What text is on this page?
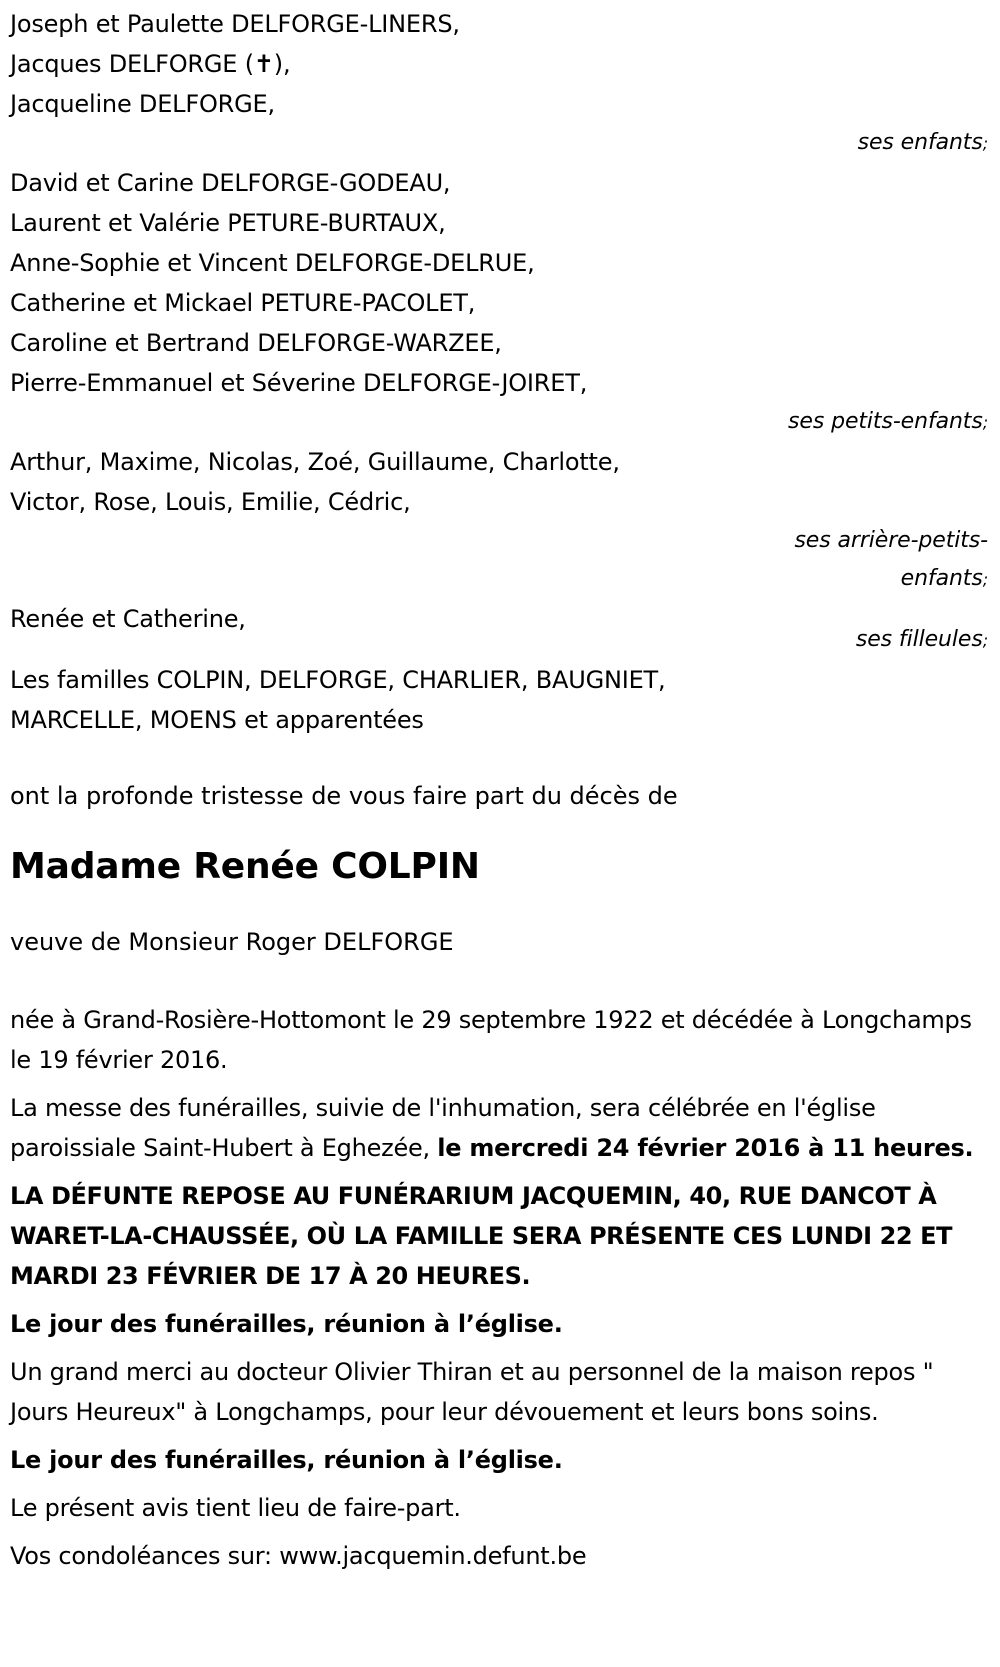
Joseph et Paulette DELFORGE-LINERS,
Jacques DELFORGE (✝),
Jacqueline DELFORGE,
ses enfants;
David et Carine DELFORGE-GODEAU,
Laurent et Valérie PETURE-BURTAUX,
Anne-Sophie et Vincent DELFORGE-DELRUE,
Catherine et Mickael PETURE-PACOLET,
Caroline et Bertrand DELFORGE-WARZEE,
Pierre-Emmanuel et Séverine DELFORGE-JOIRET,
ses petits-enfants;
Arthur, Maxime, Nicolas, Zoé, Guillaume, Charlotte,
Victor, Rose, Louis, Emilie, Cédric,
ses arrière-petits-
enfants;
Renée et Catherine,
ses filleules;
Les familles COLPIN, DELFORGE, CHARLIER, BAUGNIET,
MARCELLE, MOENS et apparentées
ont la profonde tristesse de vous faire part du décès de
Madame Renée COLPIN
veuve de Monsieur Roger DELFORGE

née à Grand-Rosière-Hottomont le 29 septembre 1922 et décédée à Longchamps le 19 février 2016.

La messe des funérailles, suivie de l'inhumation, sera célébrée en l'église paroissiale Saint-Hubert à Eghezée, le mercredi 24 février 2016 à 11 heures.

LA DÉFUNTE REPOSE AU FUNÉRARIUM JACQUEMIN, 40, RUE DANCOT À WARET-LA-CHAUSSÉE, OÙ LA FAMILLE SERA PRÉSENTE CES LUNDI 22 ET MARDI 23 FÉVRIER DE 17 À 20 HEURES.

Le jour des funérailles, réunion à l’église.

Un grand merci au docteur Olivier Thiran et au personnel de la maison repos " Jours Heureux" à Longchamps, pour leur dévouement et leurs bons soins.

Le jour des funérailles, réunion à l’église.

Le présent avis tient lieu de faire-part.

Vos condoléances sur: www.jacquemin.defunt.be
